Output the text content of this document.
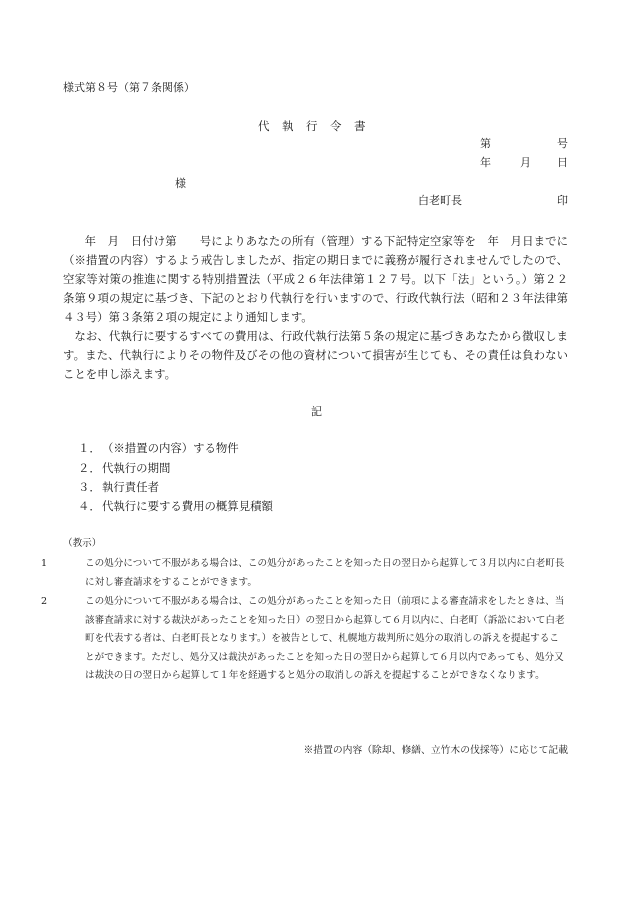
様式第８号（第７条関係）
代　執　行　令　書
第	号
年	月 日
様
白老町長	印
年　月　日付け第　　号によりあなたの所有（管理）する下記特定空家等を　年　月日までに（※措置の内容）するよう戒告しましたが、指定の期日までに義務が履行されませんでしたので、空家等対策の推進に関する特別措置法（平成２６年法律第１２７号。以下「法」という。）第２２条第９項の規定に基づき、下記のとおり代執行を行いますので、行政代執行法（昭和２３年法律第４３号）第３条第２項の規定により通知します。
なお、代執行に要するすべての費用は、行政代執行法第５条の規定に基づきあなたから徴収します。また、代執行によりその物件及びその他の資材について損害が生じても、その責任は負わないことを申し添えます。
記
１．（※措置の内容）する物件
２．代執行の期間
３．執行責任者
４．代執行に要する費用の概算見積額
（教示）
1	この処分について不服がある場合は、この処分があったことを知った日の翌日から起算して３月以内に白老町長に対し審査請求をすることができます。
2	この処分について不服がある場合は、この処分があったことを知った日（前項による審査請求をしたときは、当該審査請求に対する裁決があったことを知った日）の翌日から起算して６月以内に、白老町（訴訟において白老町を代表する者は、白老町長となります。）を被告として、札幌地方裁判所に処分の取消しの訴えを提起することができます。ただし、処分又は裁決があったことを知った日の翌日から起算して６月以内であっても、処分又は裁決の日の翌日から起算して１年を経過すると処分の取消しの訴えを提起することができなくなります。
※措置の内容（除却、修繕、立竹木の伐採等）に応じて記載
